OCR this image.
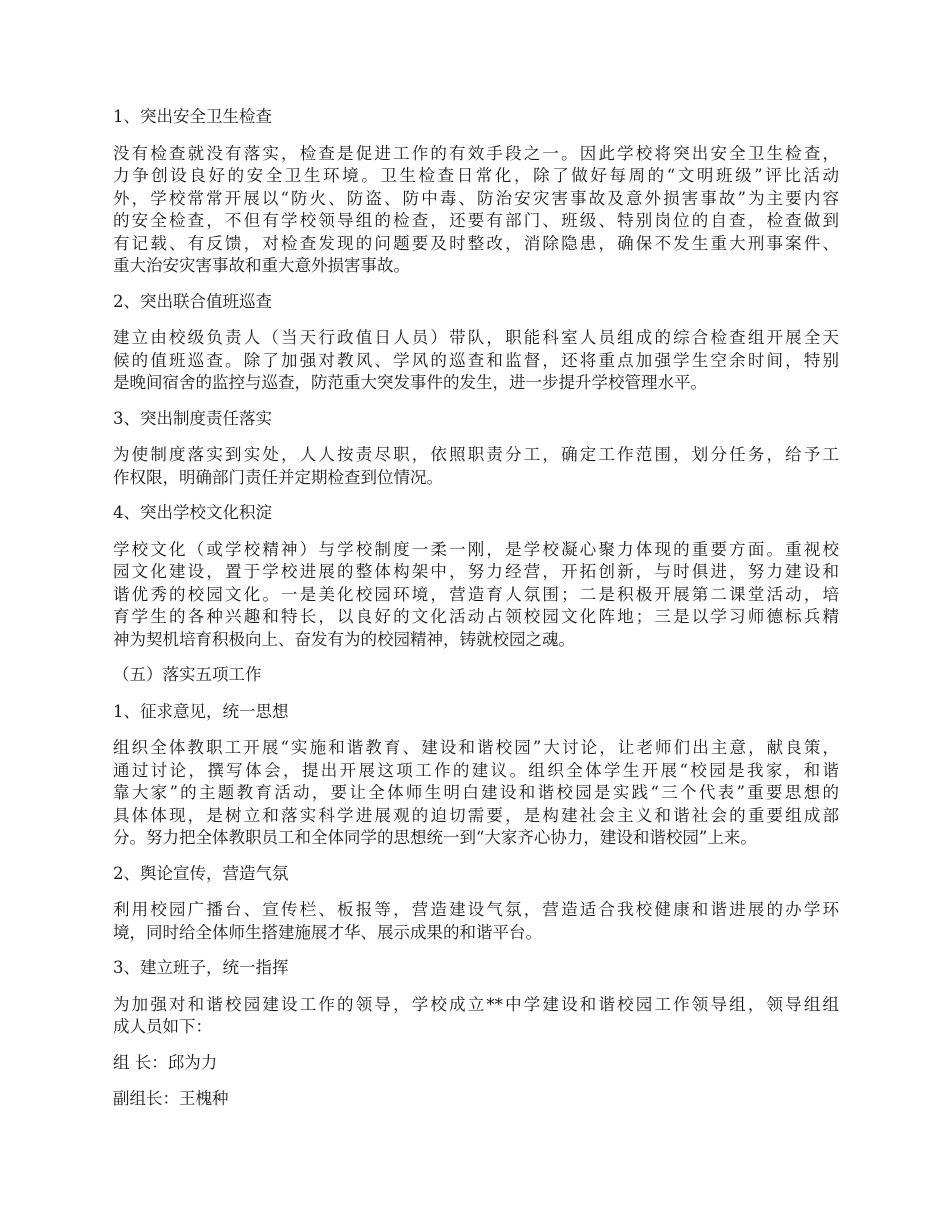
1、突出安全卫生检查
没有检查就没有落实，检查是促进工作的有效手段之一。因此学校将突出安全卫生检查，
力争创设良好的安全卫生环境。卫生检查日常化，除了做好每周的“文明班级”评比活动
外，学校常常开展以“防火、防盗、防中毒、防治安灾害事故及意外损害事故”为主要内容
的安全检查，不但有学校领导组的检查，还要有部门、班级、特别岗位的自查，检查做到
有记载、有反馈，对检查发现的问题要及时整改，消除隐患，确保不发生重大刑事案件、
重大治安灾害事故和重大意外损害事故。
2、突出联合值班巡查
建立由校级负责人（当天行政值日人员）带队，职能科室人员组成的综合检查组开展全天
候的值班巡查。除了加强对教风、学风的巡查和监督，还将重点加强学生空余时间，特别
是晚间宿舍的监控与巡查，防范重大突发事件的发生，进一步提升学校管理水平。
3、突出制度责任落实
为使制度落实到实处，人人按责尽职，依照职责分工，确定工作范围，划分任务，给予工
作权限，明确部门责任并定期检查到位情况。
4、突出学校文化积淀
学校文化（或学校精神）与学校制度一柔一刚，是学校凝心聚力体现的重要方面。重视校
园文化建设，置于学校进展的整体构架中，努力经营，开拓创新，与时俱进，努力建设和
谐优秀的校园文化。一是美化校园环境，营造育人氛围；二是积极开展第二课堂活动，培
育学生的各种兴趣和特长，以良好的文化活动占领校园文化阵地；三是以学习师德标兵精
神为契机培育积极向上、奋发有为的校园精神，铸就校园之魂。
（五）落实五项工作
1、征求意见，统一思想
组织全体教职工开展“实施和谐教育、建设和谐校园”大讨论，让老师们出主意，献良策，
通过讨论，撰写体会，提出开展这项工作的建议。组织全体学生开展“校园是我家，和谐
靠大家”的主题教育活动，要让全体师生明白建设和谐校园是实践“三个代表”重要思想的
具体体现，是树立和落实科学进展观的迫切需要，是构建社会主义和谐社会的重要组成部
分。努力把全体教职员工和全体同学的思想统一到“大家齐心协力，建设和谐校园”上来。
2、舆论宣传，营造气氛
利用校园广播台、宣传栏、板报等，营造建设气氛，营造适合我校健康和谐进展的办学环
境，同时给全体师生搭建施展才华、展示成果的和谐平台。
3、建立班子，统一指挥
为加强对和谐校园建设工作的领导，学校成立**中学建设和谐校园工作领导组，领导组组
成人员如下：
组 长：邱为力
副组长：王槐种
